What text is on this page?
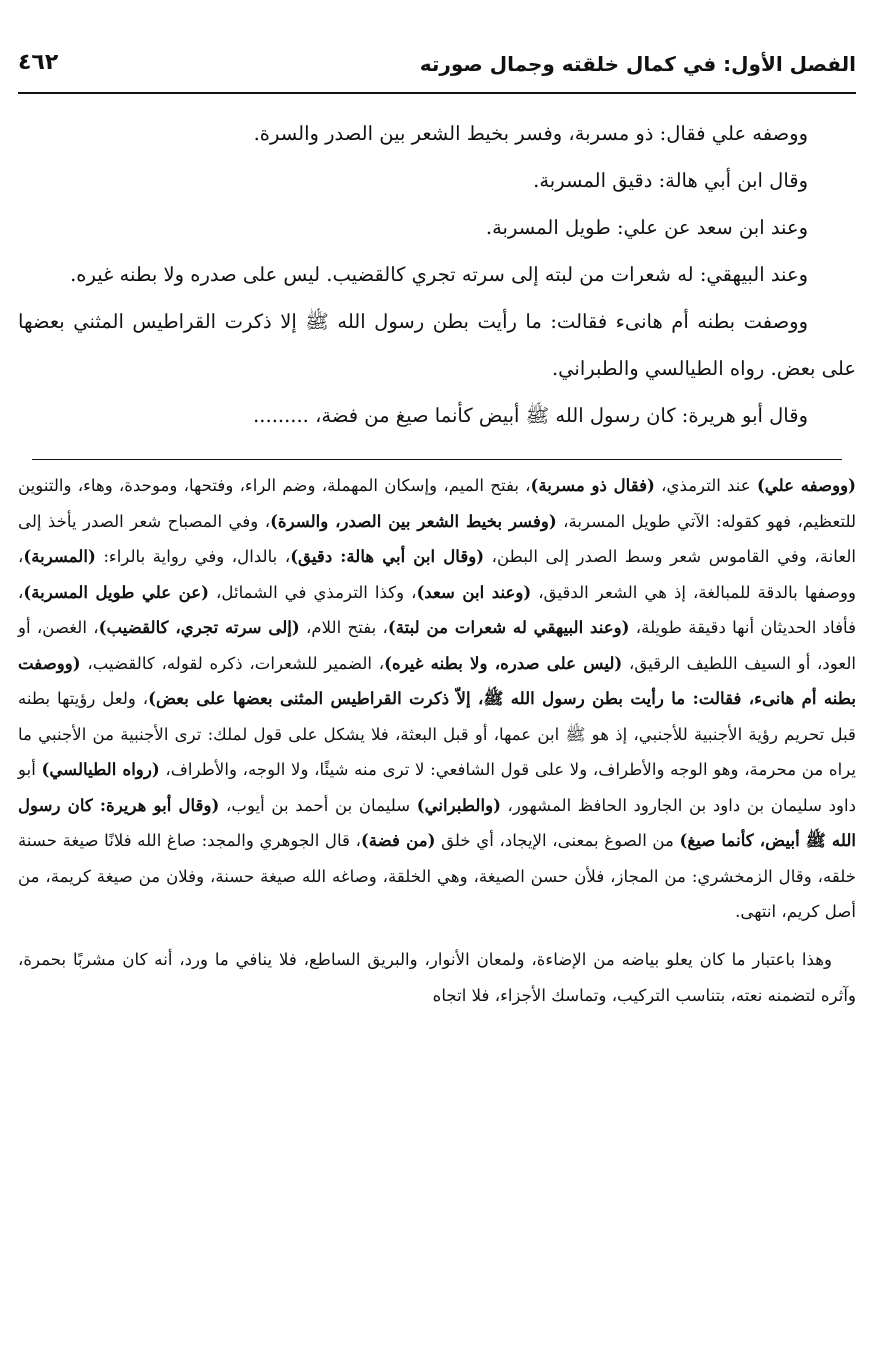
الفصل الأول: في كمال خلقته وجمال صورته
٤٦٢

ووصفه علي فقال: ذو مسربة، وفسر بخيط الشعر بين الصدر والسرة.

وقال ابن أبي هالة: دقيق المسربة.

وعند ابن سعد عن علي: طويل المسربة.

وعند البيهقي: له شعرات من لبته إلى سرته تجري كالقضيب. ليس على صدره ولا بطنه غيره.

ووصفت بطنه أم هانىء فقالت: ما رأيت بطن رسول الله ﷺ إلا ذكرت القراطيس المثني بعضها على بعض. رواه الطيالسي والطبراني.

وقال أبو هريرة: كان رسول الله ﷺ أبيض كأنما صيغ من فضة، .........

(ووصفه علي) عند الترمذي، (فقال ذو مسربة)، بفتح الميم، وإسكان المهملة، وضم الراء، وفتحها، وموحدة، وهاء، والتنوين للتعظيم، فهو كقوله: الآتي طويل المسربة، (وفسر بخيط الشعر بين الصدر، والسرة)، وفي المصباح شعر الصدر يأخذ إلى العانة، وفي القاموس شعر وسط الصدر إلى البطن، (وقال ابن أبي هالة: دقيق)، بالدال، وفي رواية بالراء: (المسربة)، ووصفها بالدقة للمبالغة، إذ هي الشعر الدقيق، (وعند ابن سعد)، وكذا الترمذي في الشمائل، (عن علي طويل المسربة)، فأفاد الحديثان أنها دقيقة طويلة، (وعند البيهقي له شعرات من لبتة)، بفتح اللام، (إلى سرته تجري، كالقضيب)، الغصن، أو العود، أو السيف اللطيف الرقيق، (ليس على صدره، ولا بطنه غيره)، الضمير للشعرات، ذكره لقوله، كالقضيب، (ووصفت بطنه أم هانىء، فقالت: ما رأيت بطن رسول الله ﷺ، إلاّ ذكرت القراطيس المثنى بعضها على بعض)، ولعل رؤيتها بطنه قبل تحريم رؤية الأجنبية للأجنبي، إذ هو ﷺ ابن عمها، أو قبل البعثة، فلا يشكل على قول لملك: ترى الأجنبية من الأجنبي ما يراه من محرمة، وهو الوجه والأطراف، ولا على قول الشافعي: لا ترى منه شيئًا، ولا الوجه، والأطراف، (رواه الطيالسي) أبو داود سليمان بن داود بن الجارود الحافظ المشهور، (والطبراني) سليمان بن أحمد بن أيوب، (وقال أبو هريرة: كان رسول الله ﷺ أبيض، كأنما صيغ) من الصوغ بمعنى، الإيجاد، أي خلق (من فضة)، قال الجوهري والمجد: صاغ الله فلانًا صيغة حسنة خلقه، وقال الزمخشري: من المجاز، فلأن حسن الصيغة، وهي الخلقة، وصاغه الله صيغة حسنة، وفلان من صيغة كريمة، من أصل كريم، انتهى.

وهذا باعتبار ما كان يعلو بياضه من الإضاءة، ولمعان الأنوار، والبريق الساطع، فلا ينافي ما ورد، أنه كان مشربًا بحمرة، وآثره لتضمنه نعته، بتناسب التركيب، وتماسك الأجزاء، فلا اتجاه
